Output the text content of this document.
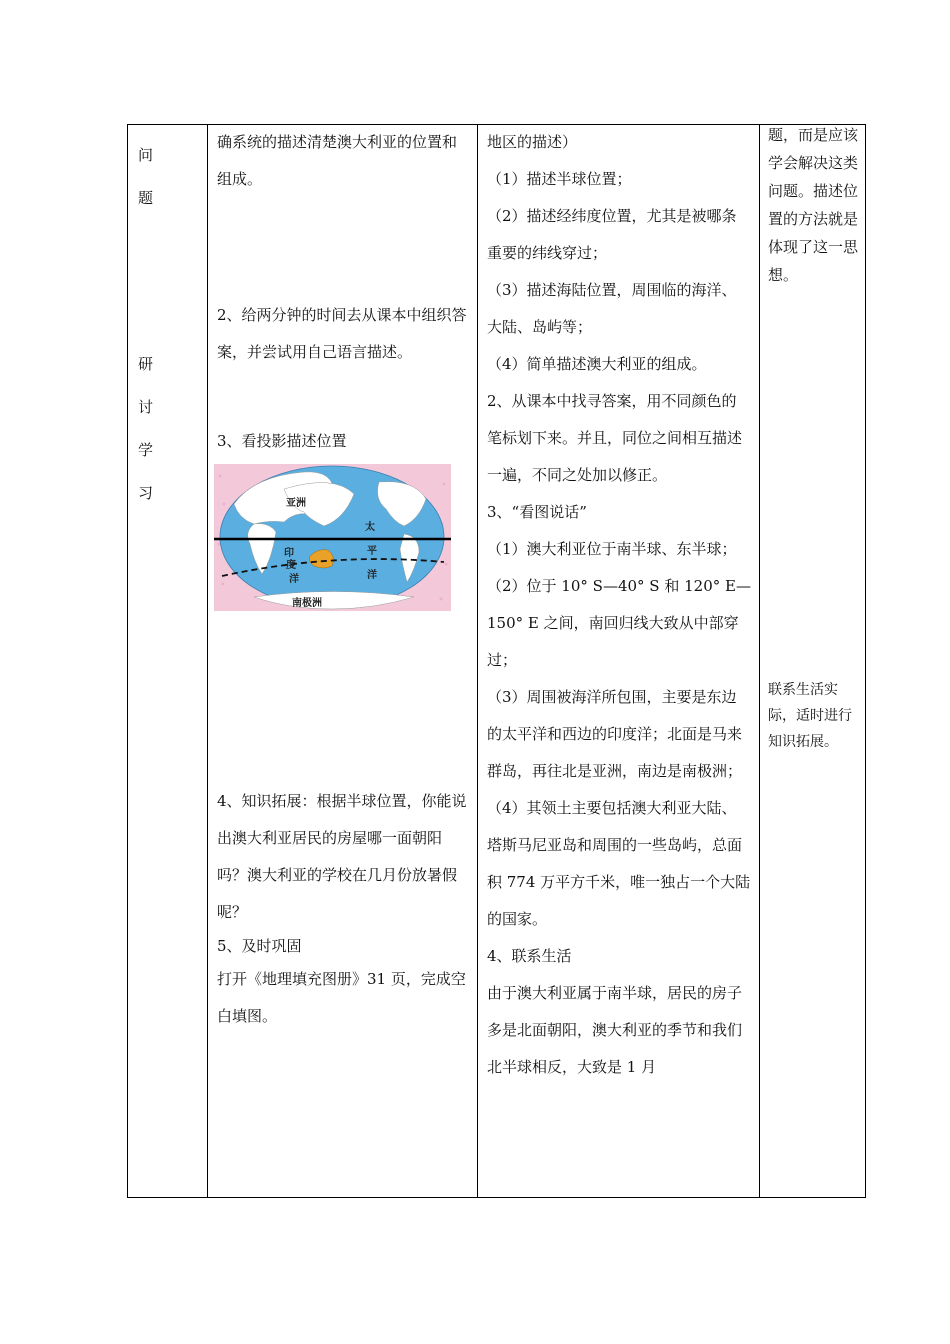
问
题
研
讨
学
习

确系统的描述清楚澳大利亚的位置和组成。

2、给两分钟的时间去从课本中组织答案，并尝试用自己语言描述。

3、看投影描述位置

4、知识拓展：根据半球位置，你能说出澳大利亚居民的房屋哪一面朝阳吗？澳大利亚的学校在几月份放暑假呢？

5、及时巩固

打开《地理填充图册》31 页，完成空白填图。

地区的描述）

（1）描述半球位置；

（2）描述经纬度位置，尤其是被哪条重要的纬线穿过；

（3）描述海陆位置，周围临的海洋、大陆、岛屿等；

（4）简单描述澳大利亚的组成。

2、从课本中找寻答案，用不同颜色的笔标划下来。并且，同位之间相互描述一遍，不同之处加以修正。

3、“看图说话”

（1）澳大利亚位于南半球、东半球；

（2）位于 10° S—40° S 和 120° E—150° E 之间，南回归线大致从中部穿过；

（3）周围被海洋所包围，主要是东边的太平洋和西边的印度洋；北面是马来群岛，再往北是亚洲，南边是南极洲；

（4）其领土主要包括澳大利亚大陆、塔斯马尼亚岛和周围的一些岛屿，总面积 774 万平方千米，唯一独占一个大陆的国家。

4、联系生活

由于澳大利亚属于南半球，居民的房子多是北面朝阳，澳大利亚的季节和我们北半球相反，大致是 1 月

题，而是应该学会解决这类问题。描述位置的方法就是体现了这一思想。

联系生活实际，适时进行知识拓展。

亚洲
太
平
洋
印
度
洋
南极洲
